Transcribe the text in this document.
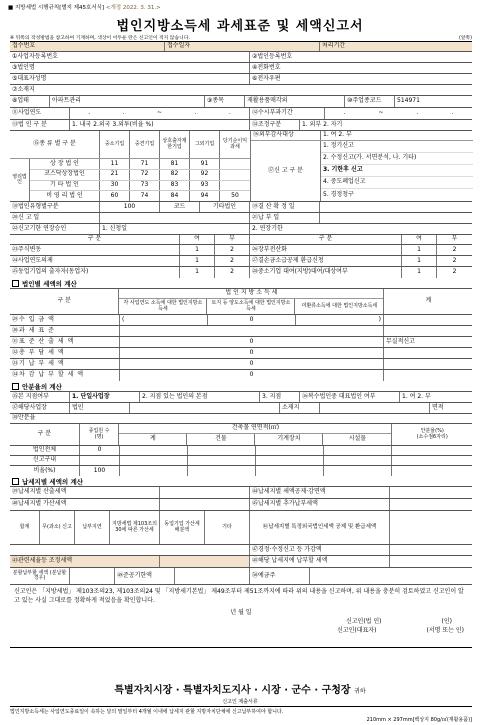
■ 지방세법 시행규칙[별지 제45호서식] <개정 2022. 3. 31.>
법인지방소득세 과세표준 및 세액신고서
※ 뒤쪽의 작성방법을 참고하여 기재하며, 색상이 어두운 란은 신고인이 적지 않습니다.	(앞쪽)
접수번호	접수일자	처리기간
①사업자등록번호	②법인등록번호
③법인명	④전화번호
⑤대표자성명	⑥전자우편
⑦소재지
⑧업태	아파트관리	⑨종목	재활용품매각외	⑩주업종코드	514971
⑪사업연도	.	.	~	.	.	⑫수시부과기간	.	~	.	.
⑬법 인 구 분	1. 내국 2.외국 3.외투(비율 %)	⑭조정구분	1. 외부 2. 자기
⑮종 류 별 구 분	중소기업	중견기업	상호출자제한기업	그외기업	당기순이익과세
영리법인
상 장 법 인	11	71	81	91
코스닥상장법인	21	72	82	92
기 타 법 인	30	73	83	93
비 영 리 법 인	60	74	84	94	50
⑯외부감사대상	1. 여 2. 부
⑰신 고 구 분
1. 정기신고
2. 수정신고(가. 서면분석, 나. 기타)
3. 기한후 신고
4. 중도폐업신고
5. 경정청구
⑱법인유형별구분	100	코드	기타법인	⑲결 산 확 정 일
⑳신 고 일	㉑납 부 일
㉒신고기한 연장승인	1. 신청일	2. 연장기한
구 분	여	부	구 분	여	부
㉓주식변동	1	2	㉖장부전산화	1	2
㉔사업연도의제	1	2	㉗결손금소급공제 환급신청	1	2
㉕동업기업의 출자자(동업자)	1	2	㉘중소기업 대여(지방)대여/대상여부	1	2
법인별 세액의 계산
구 분
법 인 지 방 소 득 세
각 사업연도 소득에 대한 법인지방소득세
토지 등 양도소득에 대한 법인지방소득세	미환류소득에 대한 법인지방소득세
계
㉙수 입 금 액	(	0	)
㉚과 세 표 준
㉛표 준 산 출 세 액	0	무실적신고
㉜총 부 담 세 액	0
㉝기 납 부 세 액	0
㉞차 감 납 부 할 세 액	0
안분율의 계산
㉟본 지점여부	1. 단일사업장	2. 지점 있는 법인의 본점	3. 지점	㊱복수법인중 대표법인 여부	1. 여 2. 부
㊲해당사업장	법인	소재지	면적
㊳안분율
구 분	종업원 수
(명)
건축물 연면적(㎡)
계	건물	기계장치	시설물
안분율(%)
(소수점6자리)
법인전체	0
신고구내
비율(%)	100
납세지별 세액의 계산
㊴납세지별 산출세액	㊹납세지별 세액공제·감면액
㊵납세지별 가산세액	㊺납세지별 추가납부세액
합계	무(과소) 신고	납부지연	지방세법 제103조의30에 따른 가산세
동업기업 가산세 배분액	기타	㊻납세지별 특정외국법인세액 공제 및 환급세액
㊼경정·수정신고 등 가감액
㊸관련세율등 조정세액	㊽해당 납세지에 납부할 세액
분할납부할 세액 (분납할 경우)	㊾준공기한액	㊿예금주
신고인은 「지방세법」 제103조의23, 제103조의24 및 「지방세기본법」 제49조부터 제51조까지에 따라 위의 내용을 신고하며, 위 내용을 충분히 검토하였고 신고인이 알고 있는 사실 그대로를 정확하게 적었음을 확인합니다.
년 월 일
신고인(법 인)	(인)
신고인(대표자)	(서명 또는 인)
특별자치시장 · 특별자치도지사 · 시장 · 군수 · 구청장 귀하
신고인 제출서류
법인지방소득세는 사업연도종료일이 속하는 달의 말일부터 4개월 이내에 납세지 관할 지방자치단체에 신고납부하여야 합니다.
210mm × 297mm[백상지 80g/㎡(재활용품)]
